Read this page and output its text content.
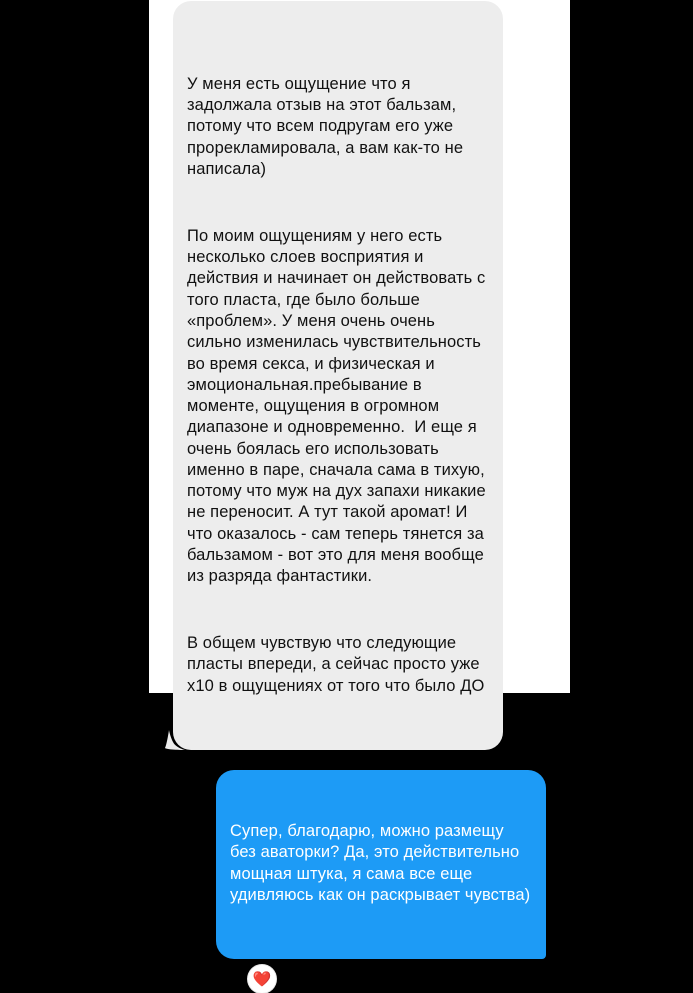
У меня есть ощущение что я задолжала отзыв на этот бальзам, потому что всем подругам его уже прорекламировала, а вам как-то не написала)

По моим ощущениям у него есть несколько слоев восприятия и действия и начинает он действовать с того пласта, где было больше «проблем». У меня очень очень сильно изменилась чувствительность во время секса, и физическая и эмоциональная.пребывание в моменте, ощущения в огромном диапазоне и одновременно.  И еще я очень боялась его использовать именно в паре, сначала сама в тихую, потому что муж на дух запахи никакие не переносит. А тут такой аромат! И что оказалось - сам теперь тянется за бальзамом - вот это для меня вообще из разряда фантастики.

В общем чувствую что следующие пласты впереди, а сейчас просто уже х10 в ощущениях от того что было ДО

Супер, благодарю, можно размещу без аваторки? Да, это действительно мощная штука, я сама все еще удивляюсь как он раскрывает чувства)

❤️
